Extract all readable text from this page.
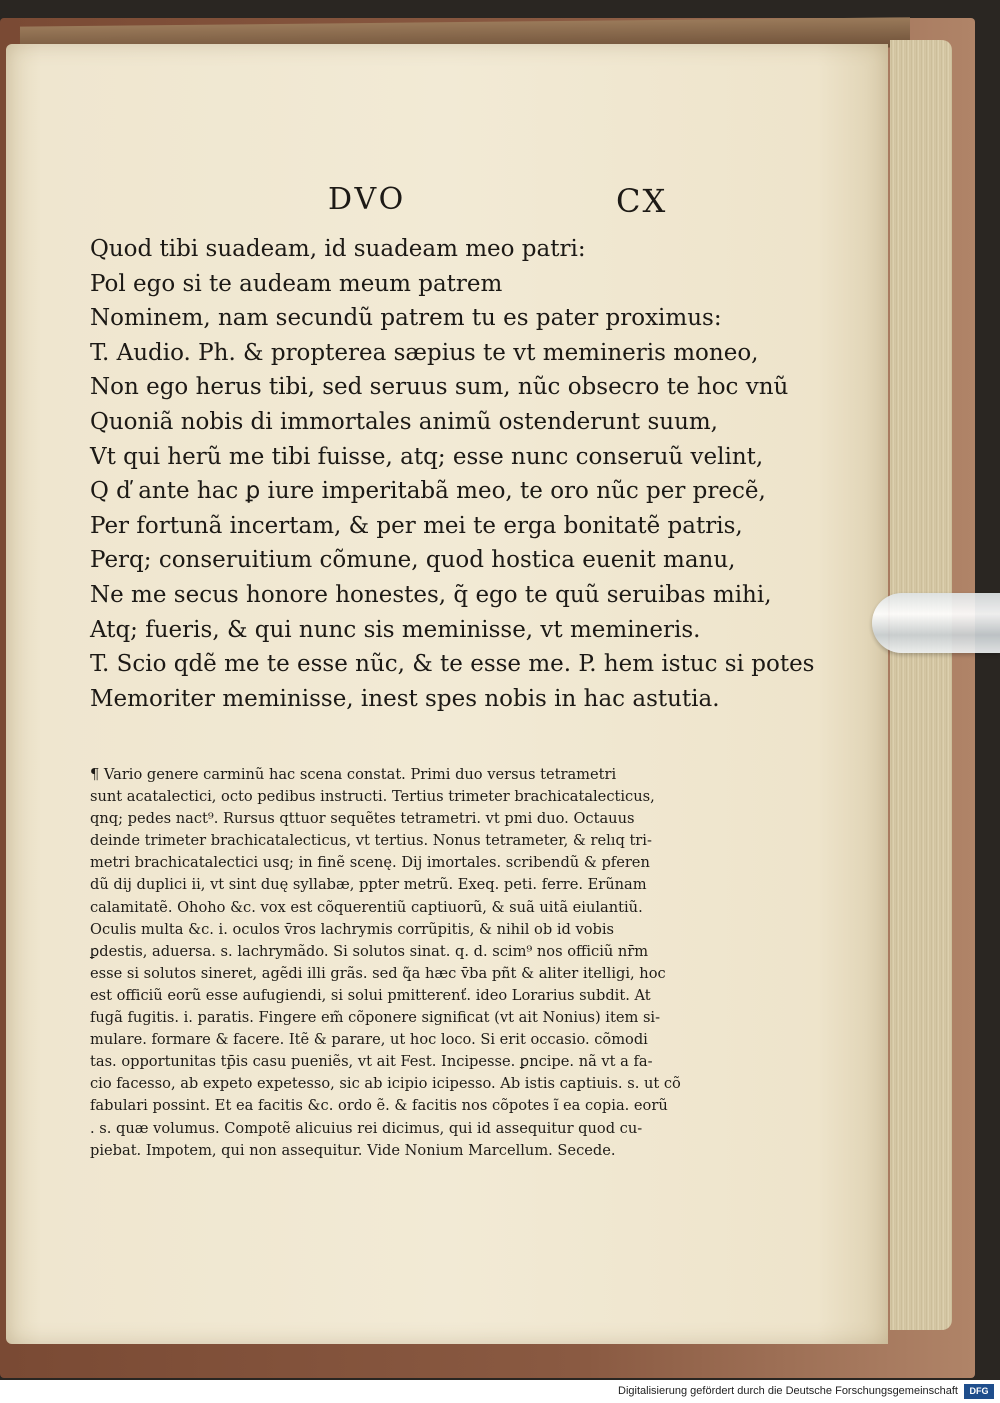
DVO	CX
Quod tibi suadeam, id suadeam meo patri:
Pol ego si te audeam meum patrem
Nominem, nam secundũ patrem tu es pater proximus:
T. Audio. Ph. & propterea sæpius te vt memineris moneo,
Non ego herus tibi, sed seruus sum, nũc obsecro te hoc vnũ
Quoniã nobis di immortales animũ ostenderunt suum,
Vt qui herũ me tibi fuisse, atq; esse nunc conseruũ velint,
Q ď ante hac ꝑ iure imperitabã meo, te oro nũc per precẽ,
Per fortunã incertam, & per mei te erga bonitatẽ patris,
Perq; conseruitium cõmune, quod hostica euenit manu,
Ne me secus honore honestes, q̃ ego te quũ seruibas mihi,
Atq; fueris, & qui nunc sis meminisse, vt memineris.
T. Scio qdẽ me te esse nũc, & te esse me. P. hem istuc si potes
Memoriter meminisse, inest spes nobis in hac astutia.
¶ Vario genere carminũ hac scena constat. Primi duo versus tetrametri
sunt acatalectici, octo pedibus instructi. Tertius trimeter brachicatalecticus,
qnq; pedes nact⁹. Rursus qttuor sequẽtes tetrametri. vt pmi duo. Octauus
deinde trimeter brachicatalecticus, vt tertius. Nonus tetrameter, & relıq tri-
metri brachicatalectici usq; in finẽ scenę. Dij imortales. scribendũ & pferen
dũ dij duplici ii, vt sint duę syllabæ, ppter metrũ. Exeq. peti. ferre. Erũnam
calamitatẽ. Ohoho &c. vox est cõquerentiũ captiuorũ, & suã uitã eiulantiũ.
Oculis multa &c. i. oculos v̄ros lachrymis corrũpitis, & nihil ob id vobis
ꝑdestis, aduersa. s. lachrymãdo. Si solutos sinat. q. d. scim⁹ nos officiũ nr̄m
esse si solutos sineret, agẽdi illi grãs. sed q̃a hæc v̄ba pñt & aliter itelligi, hoc
est officiũ eorũ esse aufugiendi, si solui pmitterenť. ideo Lorarius subdit. At
fugã fugitis. i. paratis. Fingere em̃ cõponere significat (vt ait Nonius) item si-
mulare. formare & facere. Itẽ & parare, ut hoc loco. Si erit occasio. cõmodi
tas. opportunitas tp̄is casu pueniẽs, vt ait Fest. Incipesse. ꝑncipe. nã vt a fa-
cio facesso, ab expeto expetesso, sic ab icipio icipesso. Ab istis captiuis. s. ut cõ
fabulari possint. Et ea facitis &c. ordo ẽ. & facitis nos cõpotes ĩ ea copia. eorũ
. s. quæ volumus. Compotẽ alicuius rei dicimus, qui id assequitur quod cu-
piebat. Impotem, qui non assequitur. Vide Nonium Marcellum. Secede.
Digitalisierung gefördert durch die Deutsche Forschungsgemeinschaft	DFG
